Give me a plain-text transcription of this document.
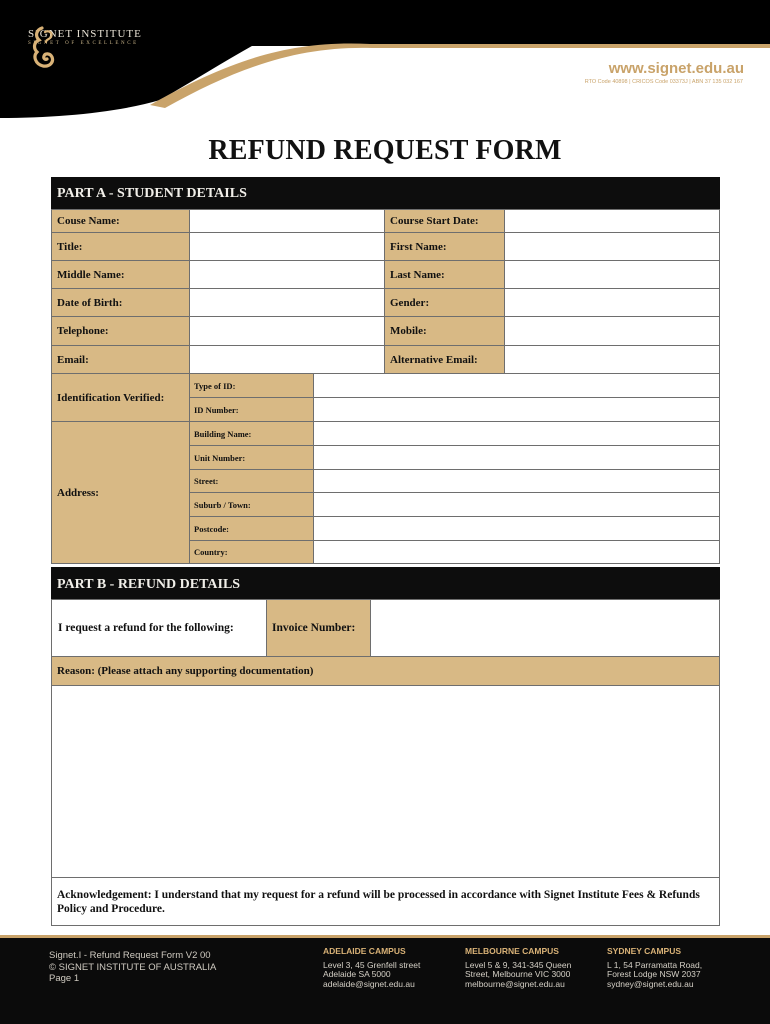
SIGNET INSTITUTE
SIGNET OF EXCELLENCE
www.signet.edu.au
RTO Code 40898 | CRICOS Code 03373J | ABN 37 135 032 167
REFUND REQUEST FORM
PART A - STUDENT DETAILS
Couse Name:	Course Start Date:
Title:	First Name:
Middle Name:	Last Name:
Date of Birth:	Gender:
Telephone:	Mobile:
Email:	Alternative Email:
Identification Verified:
Type of ID:
ID Number:
Address:
Building Name:
Unit Number:
Street:
Suburb / Town:
Postcode:
Country:
PART B - REFUND DETAILS
I request a refund for the following:	Invoice Number:
Reason: (Please attach any supporting documentation)
Acknowledgement: I understand that my request for a refund will be processed in accordance with Signet Institute Fees & Refunds Policy and Procedure.
Signet.I - Refund Request Form V2 00
© SIGNET INSTITUTE OF AUSTRALIA
Page 1
ADELAIDE CAMPUS
Level 3, 45 Grenfell street
Adelaide SA 5000
adelaide@signet.edu.au
MELBOURNE CAMPUS
Level 5 & 9, 341-345 Queen
Street, Melbourne VIC 3000
melbourne@signet.edu.au
SYDNEY CAMPUS
L 1, 54 Parramatta Road,
Forest Lodge NSW 2037
sydney@signet.edu.au
